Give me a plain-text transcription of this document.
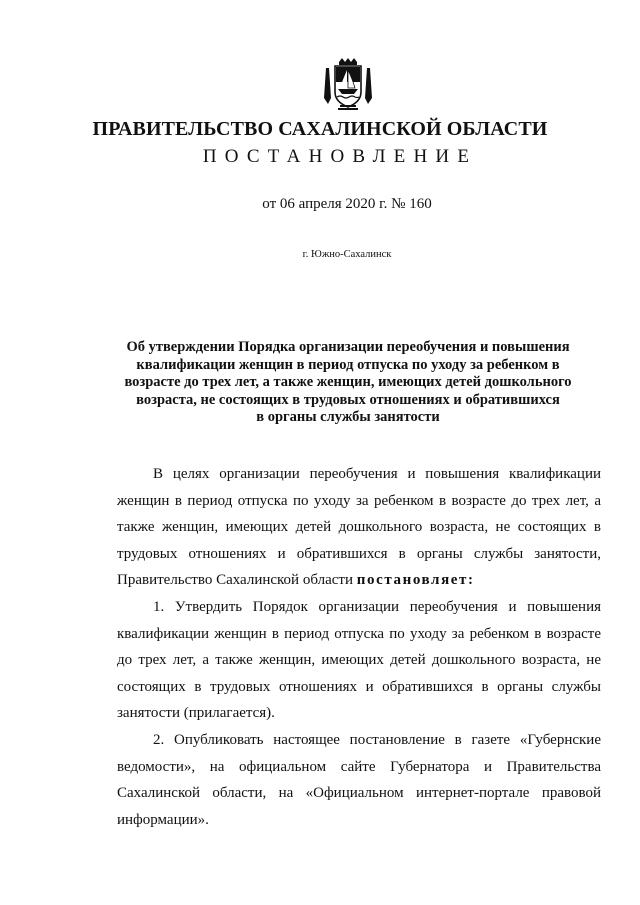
ПРАВИТЕЛЬСТВО САХАЛИНСКОЙ ОБЛАСТИ
ПОСТАНОВЛЕНИЕ
от 06 апреля 2020 г. № 160
г. Южно-Сахалинск
Об утверждении Порядка организации переобучения и повышения
квалификации женщин в период отпуска по уходу за ребенком в
возрасте до трех лет, а также женщин, имеющих детей дошкольного
возраста, не состоящих в трудовых отношениях и обратившихся
в органы службы занятости
В целях организации переобучения и повышения квалификации
женщин в период отпуска по уходу за ребенком в возрасте до трех лет, а
также женщин, имеющих детей дошкольного возраста, не состоящих в
трудовых отношениях и обратившихся в органы службы занятости,
Правительство Сахалинской области постановляет:
1. Утвердить Порядок организации переобучения и повышения
квалификации женщин в период отпуска по уходу за ребенком в возрасте
до трех лет, а также женщин, имеющих детей дошкольного возраста, не
состоящих в трудовых отношениях и обратившихся в органы службы
занятости (прилагается).
2. Опубликовать настоящее постановление в газете «Губернские
ведомости», на официальном сайте Губернатора и Правительства
Сахалинской области, на «Официальном интернет-портале правовой
информации».
